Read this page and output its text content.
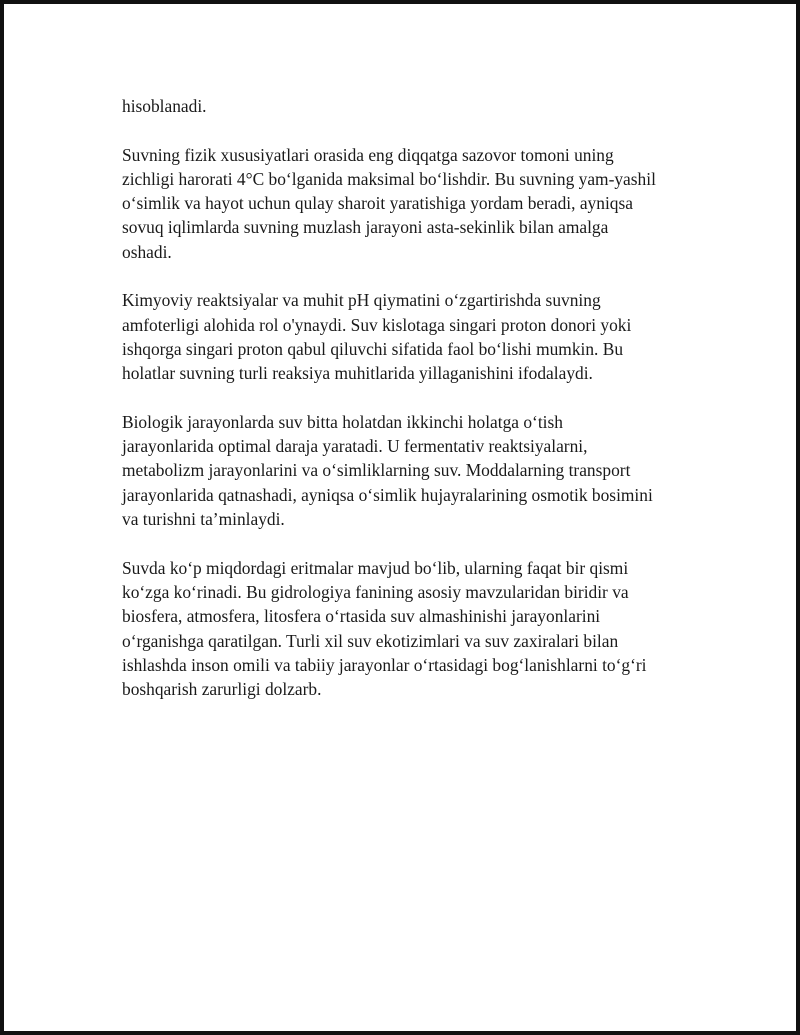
hisoblanadi.

Suvning fizik xususiyatlari orasida eng diqqatga sazovor tomoni uning
zichligi harorati 4°C bo‘lganida maksimal bo‘lishdir. Bu suvning yam-yashil
o‘simlik va hayot uchun qulay sharoit yaratishiga yordam beradi, ayniqsa
sovuq iqlimlarda suvning muzlash jarayoni asta-sekinlik bilan amalga
oshadi.

Kimyoviy reaktsiyalar va muhit pH qiymatini o‘zgartirishda suvning
amfoterligi alohida rol o'ynaydi. Suv kislotaga singari proton donori yoki
ishqorga singari proton qabul qiluvchi sifatida faol bo‘lishi mumkin. Bu
holatlar suvning turli reaksiya muhitlarida yillaganishini ifodalaydi.

Biologik jarayonlarda suv bitta holatdan ikkinchi holatga o‘tish
jarayonlarida optimal daraja yaratadi. U fermentativ reaktsiyalarni,
metabolizm jarayonlarini va o‘simliklarning suv. Moddalarning transport
jarayonlarida qatnashadi, ayniqsa o‘simlik hujayralarining osmotik bosimini
va turishni ta’minlaydi.

Suvda ko‘p miqdordagi eritmalar mavjud bo‘lib, ularning faqat bir qismi
ko‘zga ko‘rinadi. Bu gidrologiya fanining asosiy mavzularidan biridir va
biosfera, atmosfera, litosfera o‘rtasida suv almashinishi jarayonlarini
o‘rganishga qaratilgan. Turli xil suv ekotizimlari va suv zaxiralari bilan
ishlashda inson omili va tabiiy jarayonlar o‘rtasidagi bog‘lanishlarni to‘g‘ri
boshqarish zarurligi dolzarb.
